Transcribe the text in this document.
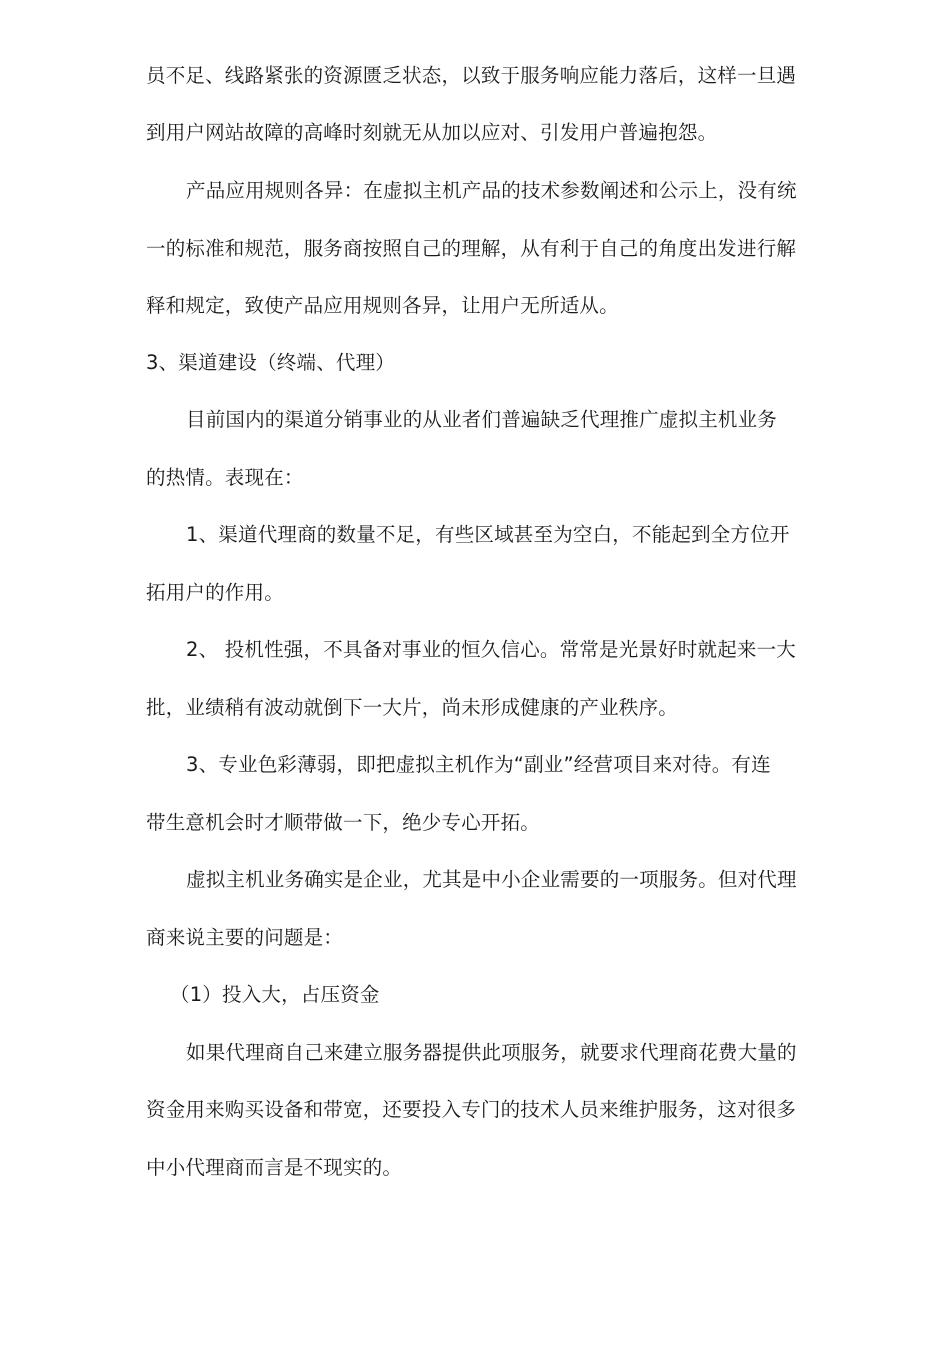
员不足、线路紧张的资源匮乏状态，以致于服务响应能力落后，这样一旦遇
到用户网站故障的高峰时刻就无从加以应对、引发用户普遍抱怨。
产品应用规则各异：在虚拟主机产品的技术参数阐述和公示上，没有统
一的标准和规范，服务商按照自己的理解，从有利于自己的角度出发进行解
释和规定，致使产品应用规则各异，让用户无所适从。
3、渠道建设（终端、代理）
目前国内的渠道分销事业的从业者们普遍缺乏代理推广虚拟主机业务
的热情。表现在：
1、渠道代理商的数量不足，有些区域甚至为空白，不能起到全方位开
拓用户的作用。
2、 投机性强，不具备对事业的恒久信心。常常是光景好时就起来一大
批，业绩稍有波动就倒下一大片，尚未形成健康的产业秩序。
3、专业色彩薄弱，即把虚拟主机作为“副业”经营项目来对待。有连
带生意机会时才顺带做一下，绝少专心开拓。
虚拟主机业务确实是企业，尤其是中小企业需要的一项服务。但对代理
商来说主要的问题是：
（1）投入大，占压资金
如果代理商自己来建立服务器提供此项服务，就要求代理商花费大量的
资金用来购买设备和带宽，还要投入专门的技术人员来维护服务，这对很多
中小代理商而言是不现实的。
